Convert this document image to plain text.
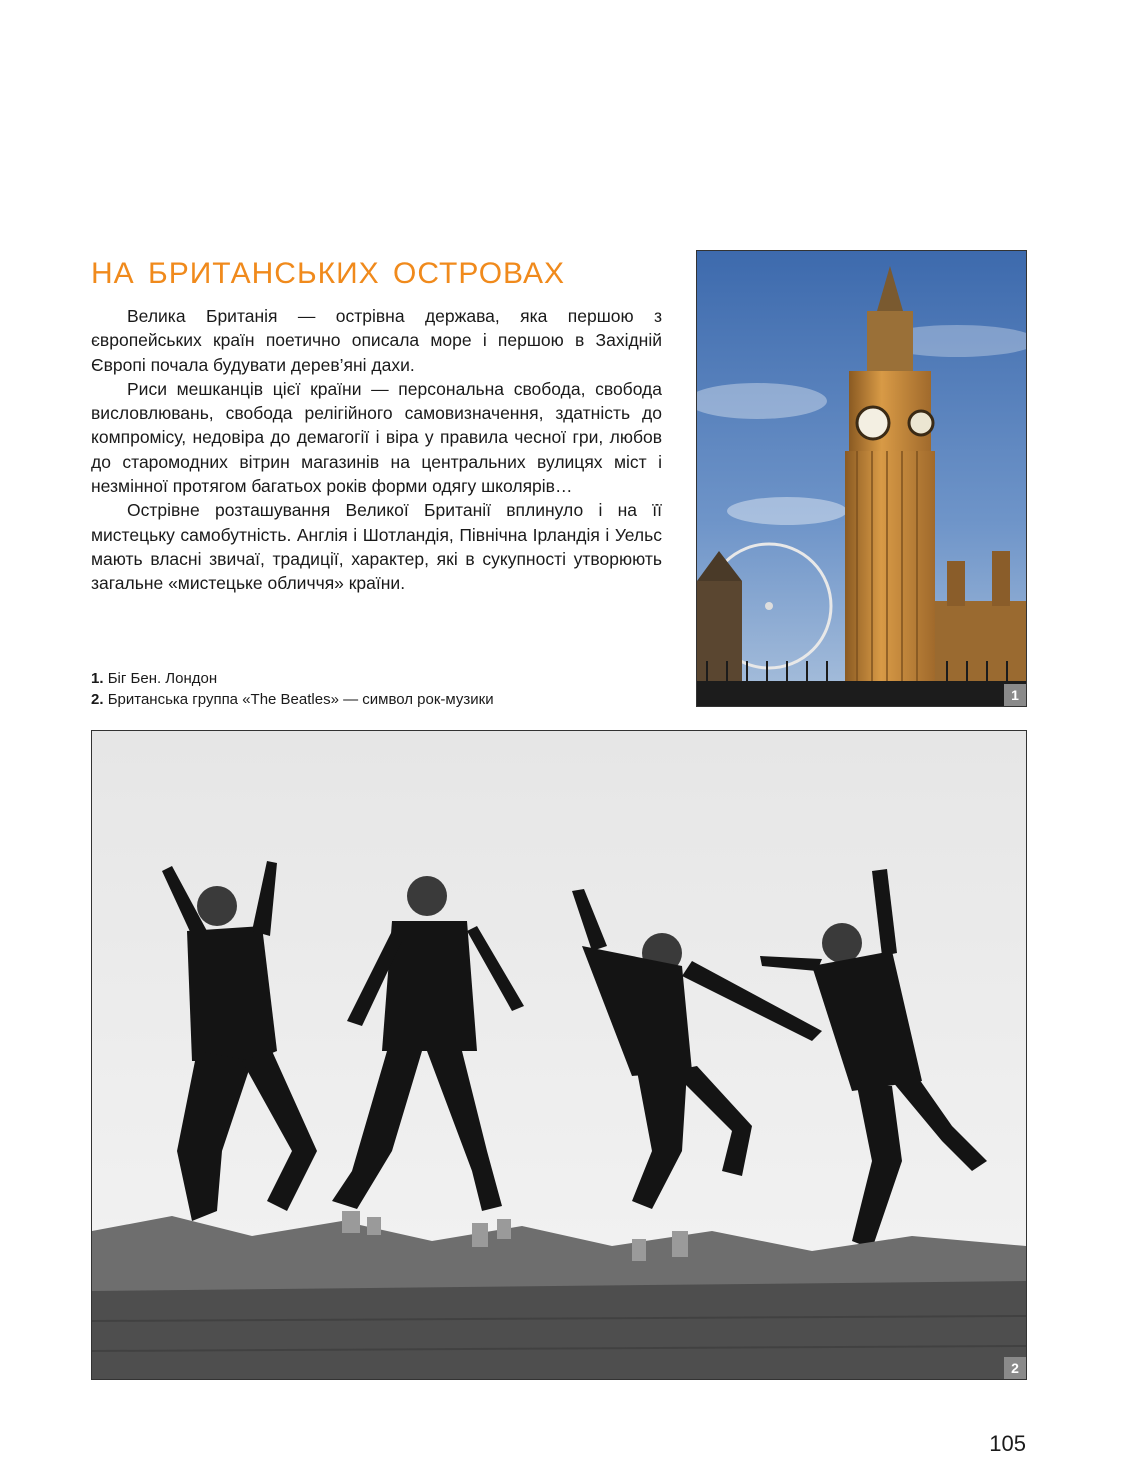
НА БРИТАНСЬКИХ ОСТРОВАХ

Велика Британія — острівна держава, яка першою з європейських країн поетично описала море і першою в Західній Європі почала будувати дерев’яні дахи.

Риси мешканців цієї країни — персональна свобода, свобода висловлювань, свобода релігійного самовизначення, здатність до компромісу, недовіра до демагогії і віра у правила чесної гри, любов до старомодних вітрин магазинів на центральних вулицях міст і незмінної протягом багатьох років форми одягу школярів…

Острівне розташування Великої Британії вплинуло і на її мистецьку самобутність. Англія і Шотландія, Північна Ірландія і Уельс мають власні звичаї, традиції, характер, які в сукупності утворюють загальне «мистецьке обличчя» країни.

1. Біг Бен. Лондон
2. Британська группа «The Beatles» — символ рок-музики	1
2
105
